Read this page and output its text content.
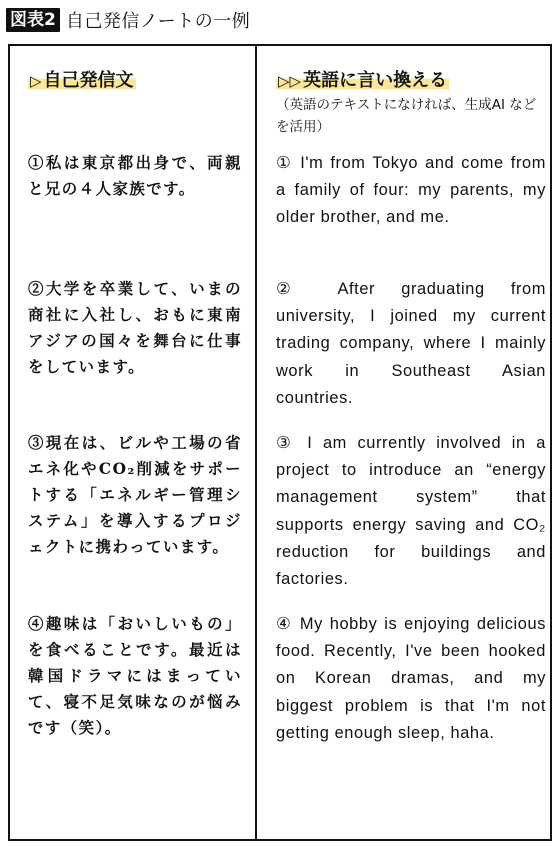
図表2 自己発信ノートの一例
▷ 自己発信文	▷▷ 英語に言い換える
（英語のテキストになければ、生成AI などを活用）
①私は東京都出身で、両親と兄の４人家族です。
②大学を卒業して、いまの商社に入社し、おもに東南アジアの国々を舞台に仕事をしています。
③現在は、ビルや工場の省エネ化やCO₂削減をサポートする「エネルギー管理システム」を導入するプロジェクトに携わっています。
④趣味は「おいしいもの」を食べることです。最近は韓国ドラマにはまっていて、寝不足気味なのが悩みです（笑）。
① I'm from Tokyo and come from a family of four: my parents, my older brother, and me.
② After graduating from university, I joined my current trading company, where I mainly work in Southeast Asian countries.
③ I am currently involved in a project to introduce an “energy management system” that supports energy saving and CO₂ reduction for buildings and factories.
④ My hobby is enjoying delicious food. Recently, I've been hooked on Korean dramas, and my biggest problem is that I'm not getting enough sleep, haha.
